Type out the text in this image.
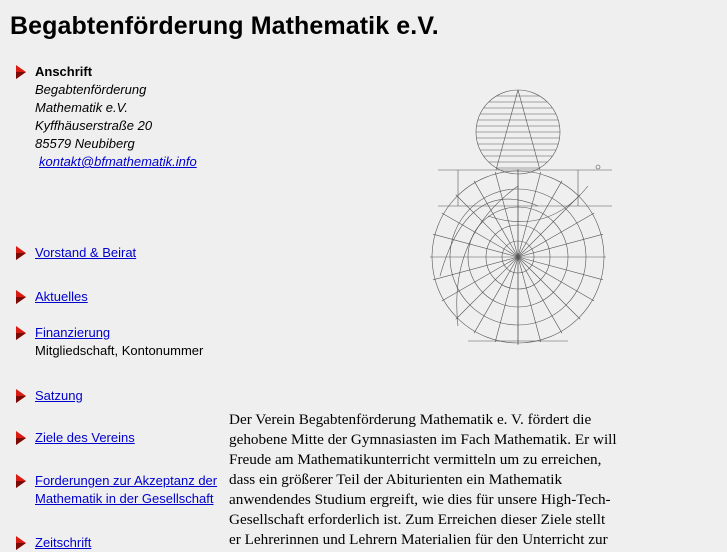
Begabtenförderung Mathematik e.V.
Anschrift
Begabtenförderung
Mathematik e.V.
Kyffhäuserstraße 20
85579 Neubiberg
kontakt@bfmathematik.info
Vorstand & Beirat
Aktuelles
Finanzierung
Mitgliedschaft, Kontonummer
Satzung
Ziele des Vereins
Forderungen zur Akzeptanz der
Mathematik in der Gesellschaft
Zeitschrift
Der Verein Begabtenförderung Mathematik e. V. fördert die
gehobene Mitte der Gymnasiasten im Fach Mathematik. Er will
Freude am Mathematikunterricht vermitteln um zu erreichen,
dass ein größerer Teil der Abiturienten ein Mathematik
anwendendes Studium ergreift, wie dies für unsere High-Tech-
Gesellschaft erforderlich ist. Zum Erreichen dieser Ziele stellt
er Lehrerinnen und Lehrern Materialien für den Unterricht zur
